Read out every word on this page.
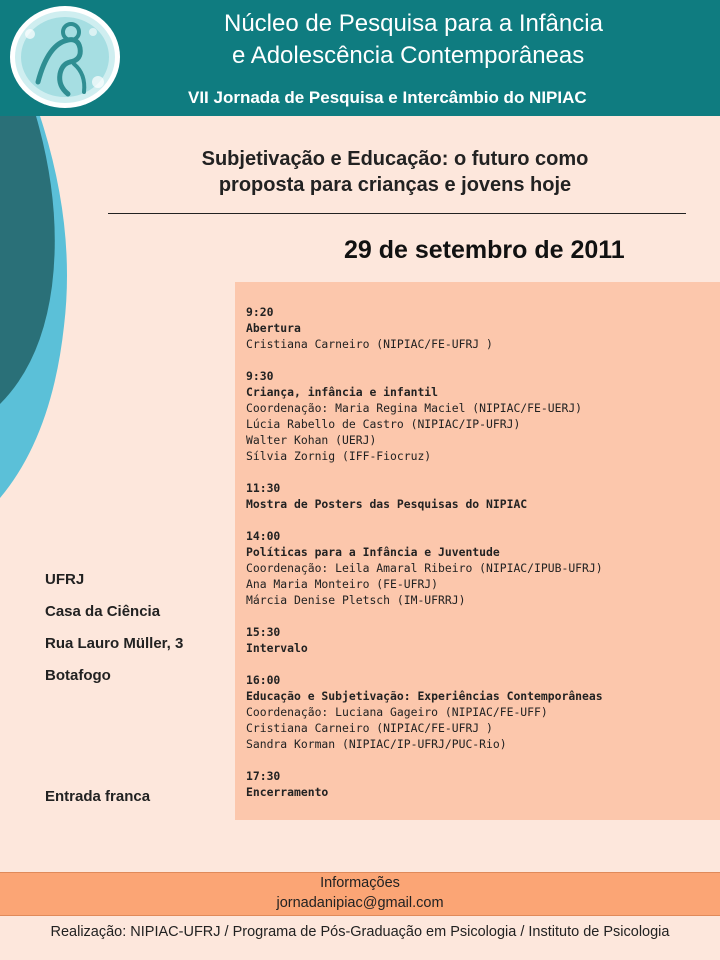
Núcleo de Pesquisa para a Infância
e Adolescência Contemporâneas
VII Jornada de Pesquisa e Intercâmbio do NIPIAC
Subjetivação e Educação: o futuro como
proposta para crianças e jovens hoje
29 de setembro de 2011
9:20
Abertura
Cristiana Carneiro (NIPIAC/FE-UFRJ )
9:30
Criança, infância e infantil
Coordenação: Maria Regina Maciel (NIPIAC/FE-UERJ)
Lúcia Rabello de Castro (NIPIAC/IP-UFRJ)
Walter Kohan (UERJ)
Sílvia Zornig (IFF-Fiocruz)
11:30
Mostra de Posters das Pesquisas do NIPIAC
14:00
Políticas para a Infância e Juventude
Coordenação: Leila Amaral Ribeiro (NIPIAC/IPUB-UFRJ)
Ana Maria Monteiro (FE-UFRJ)
Márcia Denise Pletsch (IM-UFRRJ)
15:30
Intervalo
16:00
Educação e Subjetivação: Experiências Contemporâneas
Coordenação: Luciana Gageiro (NIPIAC/FE-UFF)
Cristiana Carneiro (NIPIAC/FE-UFRJ )
Sandra Korman (NIPIAC/IP-UFRJ/PUC-Rio)
17:30
Encerramento
UFRJ
Casa da Ciência
Rua Lauro Müller, 3
Botafogo
Entrada franca
Informações
jornadanipiac@gmail.com
Realização: NIPIAC-UFRJ / Programa de Pós-Graduação em Psicologia / Instituto de Psicologia
